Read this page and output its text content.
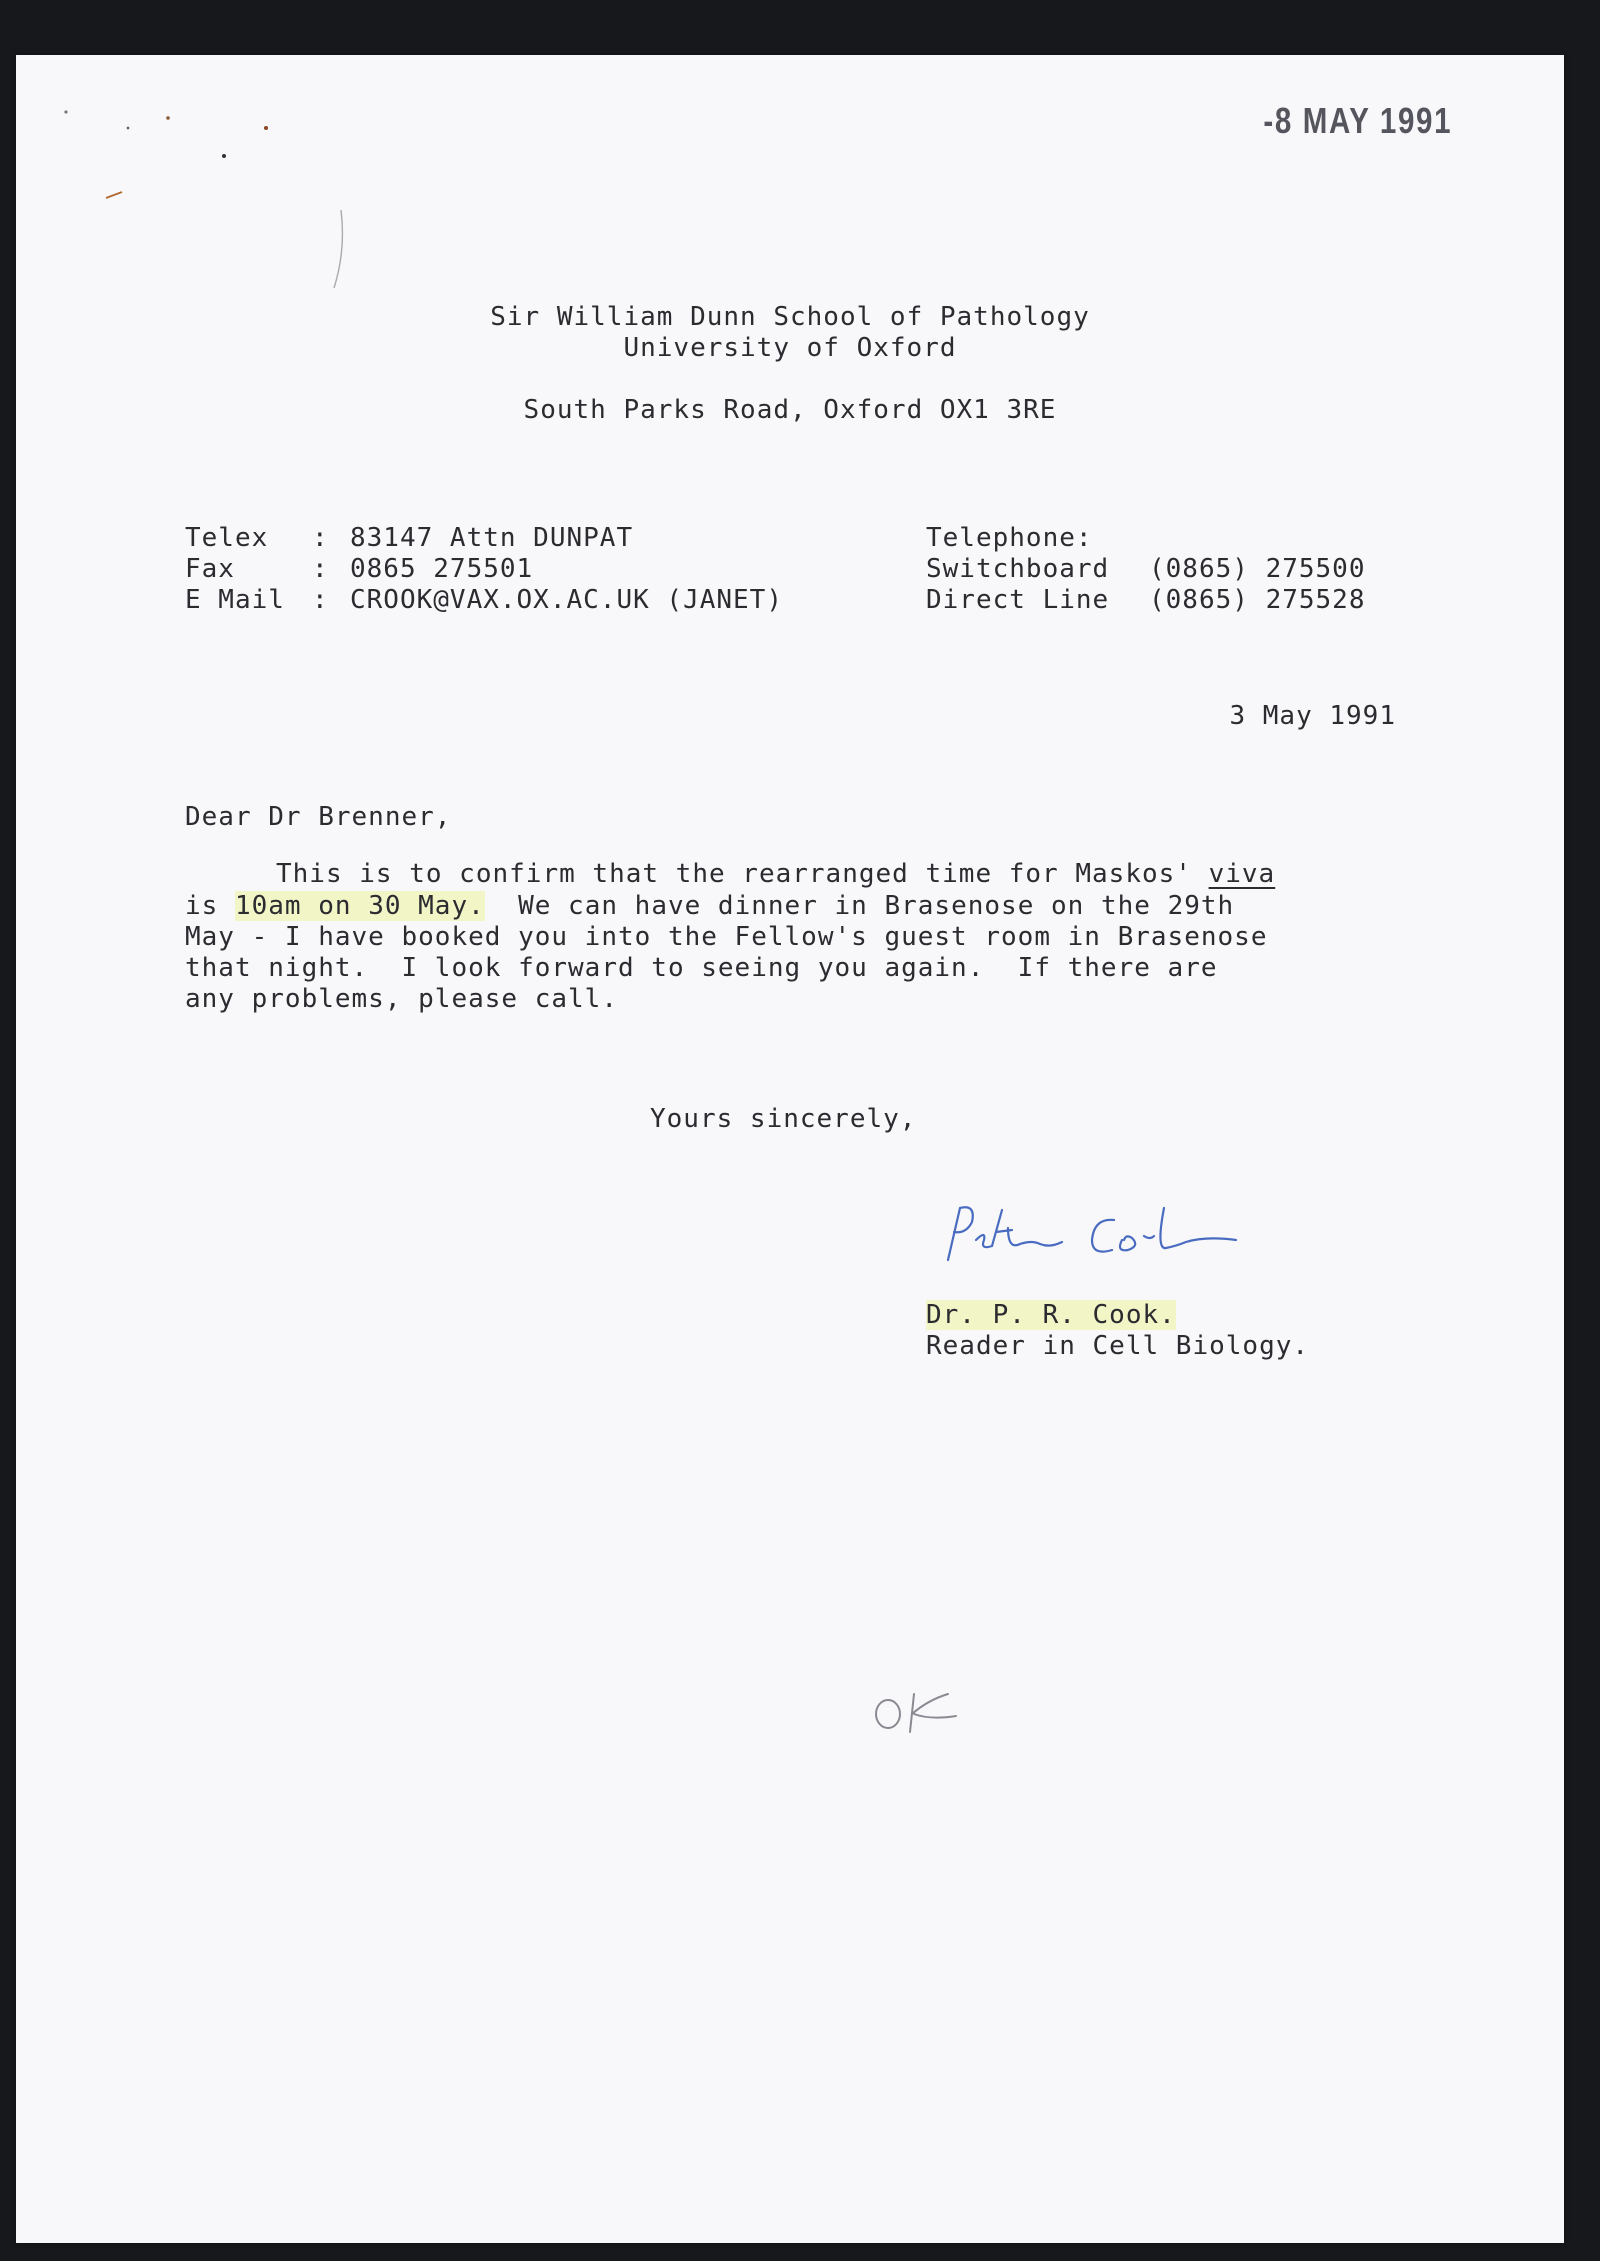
-8 MAY 1991
Sir William Dunn School of Pathology
University of Oxford
South Parks Road, Oxford OX1 3RE
Telex : 83147 Attn DUNPAT
Fax	: 0865 275501
E Mail : CROOK@VAX.OX.AC.UK (JANET)
Telephone:
Switchboard (0865) 275500
Direct Line (0865) 275528
3 May 1991
Dear Dr Brenner,
This is to confirm that the rearranged time for Maskos' viva
is 10am on 30 May.  We can have dinner in Brasenose on the 29th
May - I have booked you into the Fellow's guest room in Brasenose
that night.  I look forward to seeing you again.  If there are
any problems, please call.
Yours sincerely,
Dr. P. R. Cook.
Reader in Cell Biology.
